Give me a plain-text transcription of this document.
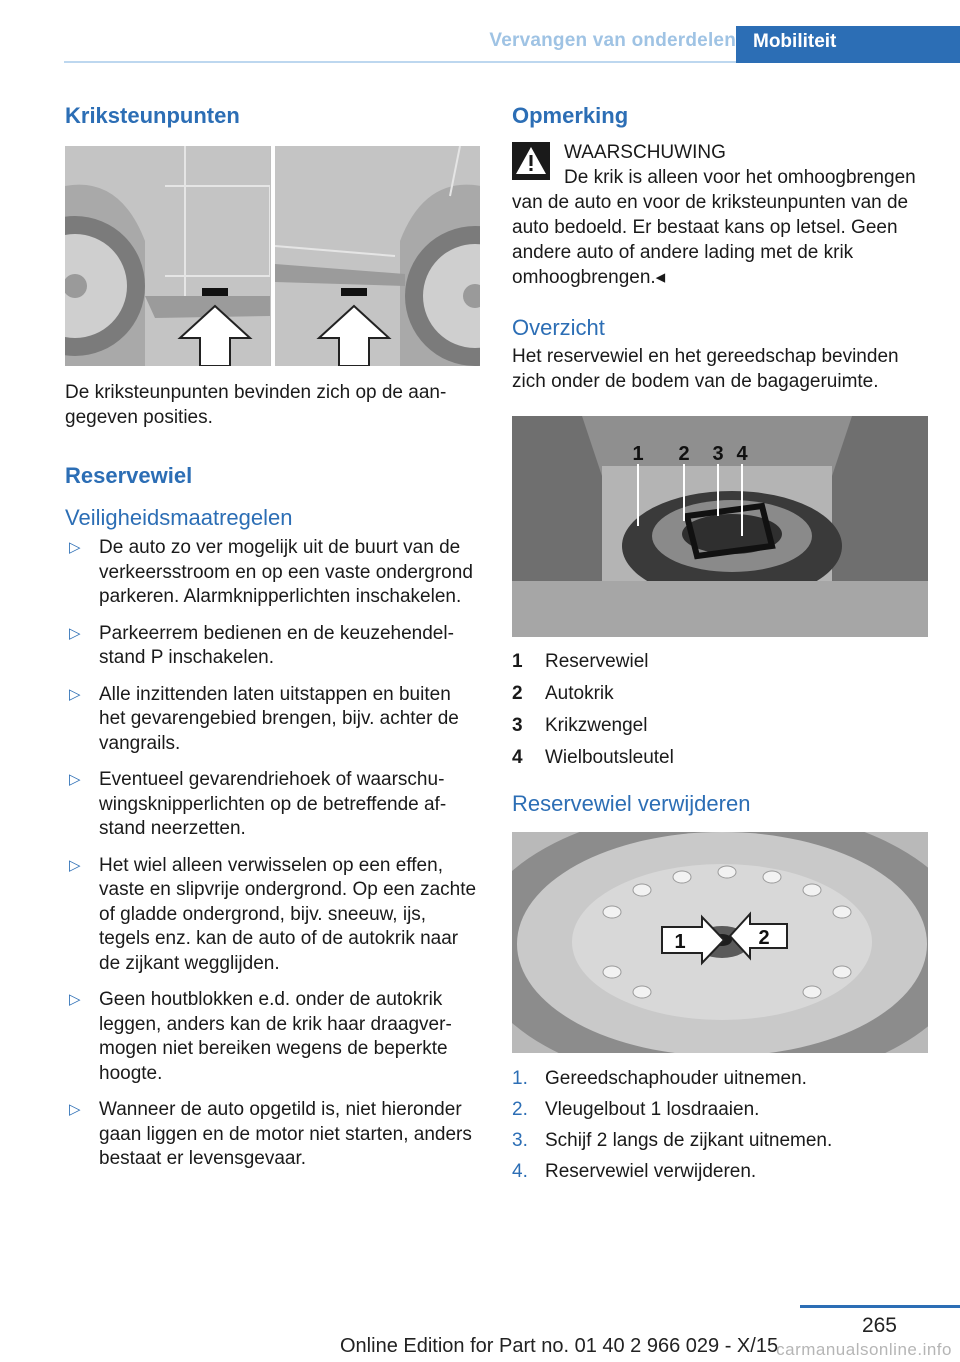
Vervangen van onderdelen Mobiliteit
Kriksteunpunten

De kriksteunpunten bevinden zich op de aangegeven posities.

Reservewiel
Veiligheidsmaatregelen
▷ De auto zo ver mogelijk uit de buurt van de verkeersstroom en op een vaste ondergrond parkeren. Alarmknipperlichten inschakelen.
▷ Parkeerrem bedienen en de keuzehendelstand P inschakelen.
▷ Alle inzittenden laten uitstappen en buiten het gevarengebied brengen, bijv. achter de vangrails.
▷ Eventueel gevarendriehoek of waarschuwingsknipperlichten op de betreffende afstand neerzetten.
▷ Het wiel alleen verwisselen op een effen, vaste en slipvrije ondergrond. Op een zachte of gladde ondergrond, bijv. sneeuw, ijs, tegels enz. kan de auto of de autokrik naar de zijkant wegglijden.
▷ Geen houtblokken e.d. onder de autokrik leggen, anders kan de krik haar draagvermogen niet bereiken wegens de beperkte hoogte.
▷ Wanneer de auto opgetild is, niet hieronder gaan liggen en de motor niet starten, anders bestaat er levensgevaar.
Opmerking
WAARSCHUWING

De krik is alleen voor het omhoogbrengen van de auto en voor de kriksteunpunten van de auto bedoeld. Er bestaat kans op letsel. Geen andere auto of andere lading met de krik omhoogbrengen.◂

Overzicht

Het reservewiel en het gereedschap bevinden zich onder de bodem van de bagageruimte.

1 2 3 4
1	Reservewiel
2	Autokrik
3	Krikzwengel
4	Wielboutsleutel
Reservewiel verwijderen
1	2
1. Gereedschaphouder uitnemen.
2. Vleugelbout 1 losdraaien.
3. Schijf 2 langs de zijkant uitnemen.
4. Reservewiel verwijderen.
265
Online Edition for Part no. 01 40 2 966 029 - X/15
carmanualsonline.info
